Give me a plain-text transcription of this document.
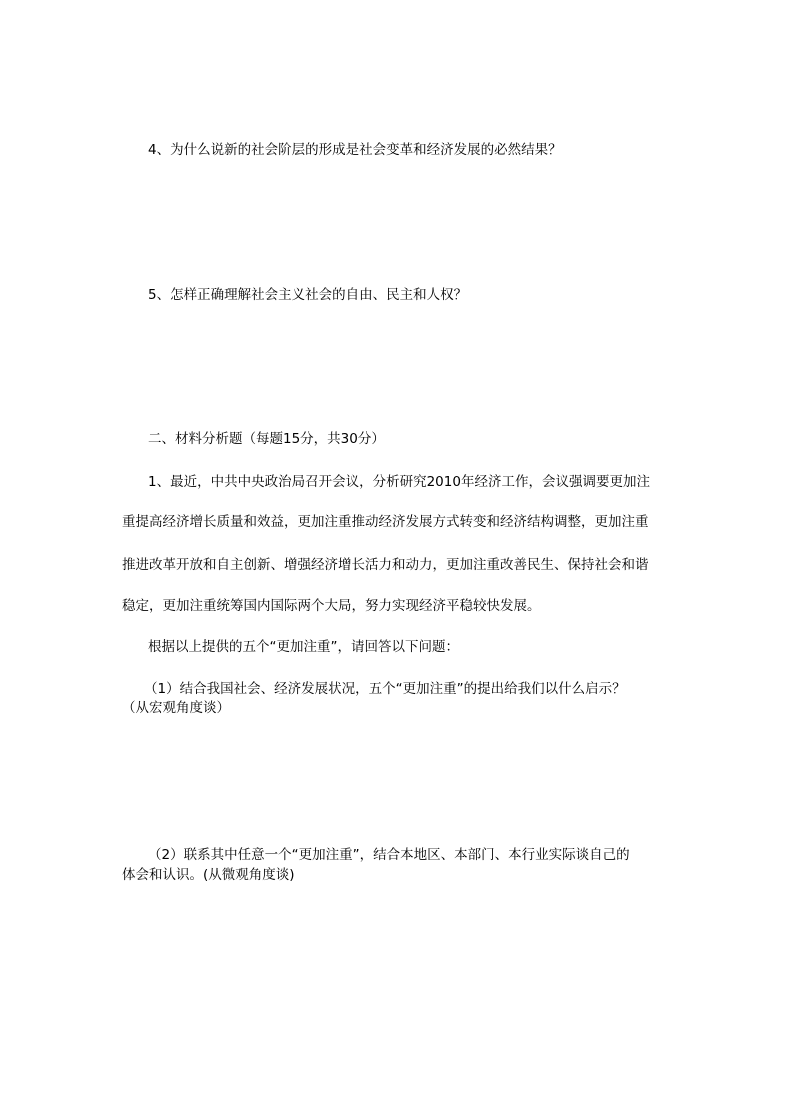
4、为什么说新的社会阶层的形成是社会变革和经济发展的必然结果？
5、怎样正确理解社会主义社会的自由、民主和人权？
二、材料分析题（每题15分，共30分）
1、最近，中共中央政治局召开会议，分析研究2010年经济工作，会议强调要更加注
重提高经济增长质量和效益，更加注重推动经济发展方式转变和经济结构调整，更加注重
推进改革开放和自主创新、增强经济增长活力和动力，更加注重改善民生、保持社会和谐
稳定，更加注重统筹国内国际两个大局，努力实现经济平稳较快发展。
根据以上提供的五个“更加注重”，请回答以下问题：
（1）结合我国社会、经济发展状况，五个“更加注重”的提出给我们以什么启示？
（从宏观角度谈）
（2）联系其中任意一个“更加注重”，结合本地区、本部门、本行业实际谈自己的
体会和认识。(从微观角度谈)
